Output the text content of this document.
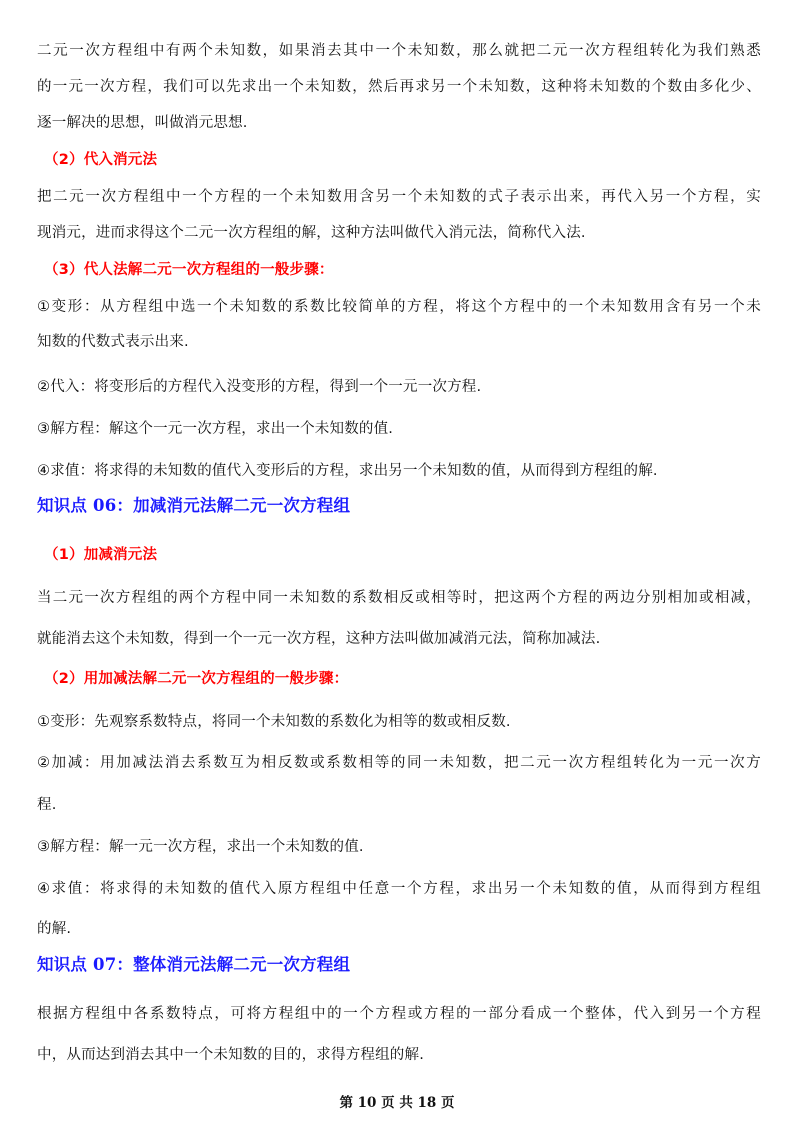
二元一次方程组中有两个未知数，如果消去其中一个未知数，那么就把二元一次方程组转化为我们熟悉
的一元一次方程，我们可以先求出一个未知数，然后再求另一个未知数，这种将未知数的个数由多化少、
逐一解决的思想，叫做消元思想.
（2）代入消元法
把二元一次方程组中一个方程的一个未知数用含另一个未知数的式子表示出来，再代入另一个方程，实
现消元，进而求得这个二元一次方程组的解，这种方法叫做代入消元法，简称代入法.
（3）代人法解二元一次方程组的一般步骤：
①变形：从方程组中选一个未知数的系数比较简单的方程，将这个方程中的一个未知数用含有另一个未
知数的代数式表示出来.
②代入：将变形后的方程代入没变形的方程，得到一个一元一次方程.
③解方程：解这个一元一次方程，求出一个未知数的值.
④求值：将求得的未知数的值代入变形后的方程，求出另一个未知数的值，从而得到方程组的解.
知识点 06：加减消元法解二元一次方程组
（1）加减消元法
当二元一次方程组的两个方程中同一未知数的系数相反或相等时，把这两个方程的两边分别相加或相减，
就能消去这个未知数，得到一个一元一次方程，这种方法叫做加减消元法，简称加减法.
（2）用加减法解二元一次方程组的一般步骤：
①变形：先观察系数特点，将同一个未知数的系数化为相等的数或相反数.
②加减：用加减法消去系数互为相反数或系数相等的同一未知数，把二元一次方程组转化为一元一次方
程.
③解方程：解一元一次方程，求出一个未知数的值.
④求值：将求得的未知数的值代入原方程组中任意一个方程，求出另一个未知数的值，从而得到方程组
的解.
知识点 07：整体消元法解二元一次方程组
根据方程组中各系数特点，可将方程组中的一个方程或方程的一部分看成一个整体，代入到另一个方程
中，从而达到消去其中一个未知数的目的，求得方程组的解.
第 10 页 共 18 页
